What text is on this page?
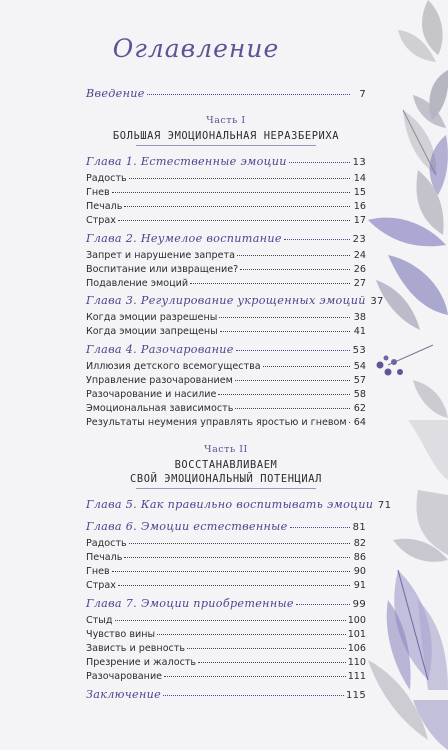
Оглавление
Введение	7
Часть I
БОЛЬШАЯ ЭМОЦИОНАЛЬНАЯ НЕРАЗБЕРИХА
Глава 1. Естественные эмоции	13
Радость	14
Гнев	15
Печаль	16
Страх	17
Глава 2. Неумелое воспитание	23
Запрет и нарушение запрета	24
Воспитание или извращение?	26
Подавление эмоций	27
Глава 3. Регулирование укрощенных эмоций 37
Когда эмоции разрешены	38
Когда эмоции запрещены	41
Глава 4. Разочарование	53
Иллюзия детского всемогущества	54
Управление разочарованием	57
Разочарование и насилие	58
Эмоциональная зависимость	62
Результаты неумения управлять яростью и гневом 64
Часть II
ВОССТАНАВЛИВАЕМ
СВОЙ ЭМОЦИОНАЛЬНЫЙ ПОТЕНЦИАЛ
Глава 5. Как правильно воспитывать эмоции 71
Глава 6. Эмоции естественные	81
Радость	82
Печаль	86
Гнев	90
Страх	91
Глава 7. Эмоции приобретенные	99
Стыд	100
Чувство вины	101
Зависть и ревность	106
Презрение и жалость	110
Разочарование	111
Заключение	115
